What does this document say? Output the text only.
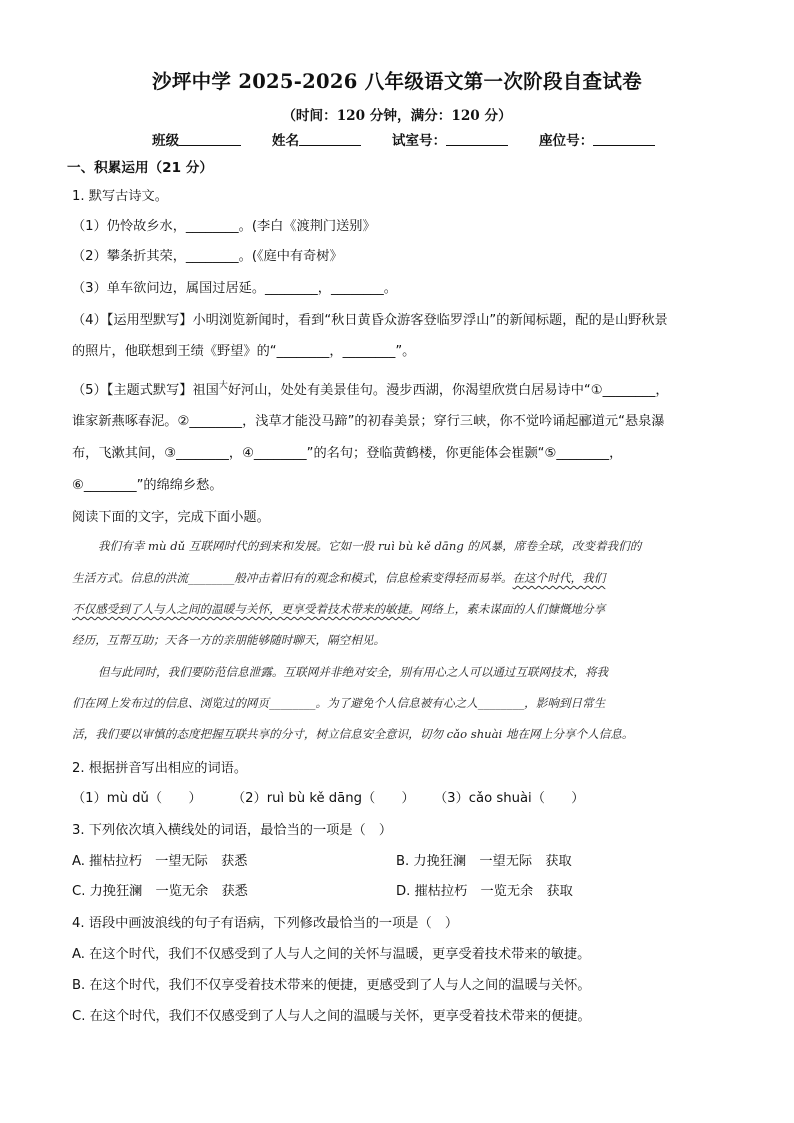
沙坪中学 2025-2026 八年级语文第一次阶段自查试卷
（时间：120 分钟，满分：120 分）
班级	姓名	试室号：	座位号：
一、积累运用（21 分）
1. 默写古诗文。
（1）仍怜故乡水，________。(李白《渡荆门送别》
（2）攀条折其荣，________。(《庭中有奇树》
（3）单车欲问边，属国过居延。________，________。
（4）【运用型默写】小明浏览新闻时，看到“秋日黄昏众游客登临罗浮山”的新闻标题，配的是山野秋景
的照片，他联想到王绩《野望》的“________，________”。
（5）【主题式默写】祖国$^大$好河山，处处有美景佳句。漫步西湖，你渴望欣赏白居易诗中“①________，
谁家新燕啄春泥。②________，浅草才能没马蹄”的初春美景；穿行三峡，你不觉吟诵起郦道元“悬泉瀑
布，飞漱其间，③________，④________”的名句；登临黄鹤楼，你更能体会崔颢“⑤________，
⑥________”的绵绵乡愁。
阅读下面的文字，完成下面小题。
我们有幸 mù dǔ 互联网时代的到来和发展。它如一股 ruì bù kě dāng 的风暴，席卷全球，改变着我们的
生活方式。信息的洪流________般冲击着旧有的观念和模式，信息检索变得轻而易举。在这个时代，我们
不仅感受到了人与人之间的温暖与关怀，更享受着技术带来的敏捷。网络上，素未谋面的人们慷慨地分享
经历，互帮互助；天各一方的亲朋能够随时聊天，隔空相见。
但与此同时，我们要防范信息泄露。互联网并非绝对安全，别有用心之人可以通过互联网技术，将我
们在网上发布过的信息、浏览过的网页________。为了避免个人信息被有心之人________，影响到日常生
活，我们要以审慎的态度把握互联共享的分寸，树立信息安全意识，切勿 cǎo shuài 地在网上分享个人信息。
2. 根据拼音写出相应的词语。
（1）mù dǔ（　　） （2）ruì bù kě dāng（　　） （3）cǎo shuài（　　）
3. 下列依次填入横线处的词语，最恰当的一项是（　）
A. 摧枯拉朽　一望无际　获悉	B. 力挽狂澜　一望无际　获取
C. 力挽狂澜　一览无余　获悉	D. 摧枯拉朽　一览无余　获取
4. 语段中画波浪线的句子有语病，下列修改最恰当的一项是（　）
A. 在这个时代，我们不仅感受到了人与人之间的关怀与温暖，更享受着技术带来的敏捷。
B. 在这个时代，我们不仅享受着技术带来的便捷，更感受到了人与人之间的温暖与关怀。
C. 在这个时代，我们不仅感受到了人与人之间的温暖与关怀，更享受着技术带来的便捷。
